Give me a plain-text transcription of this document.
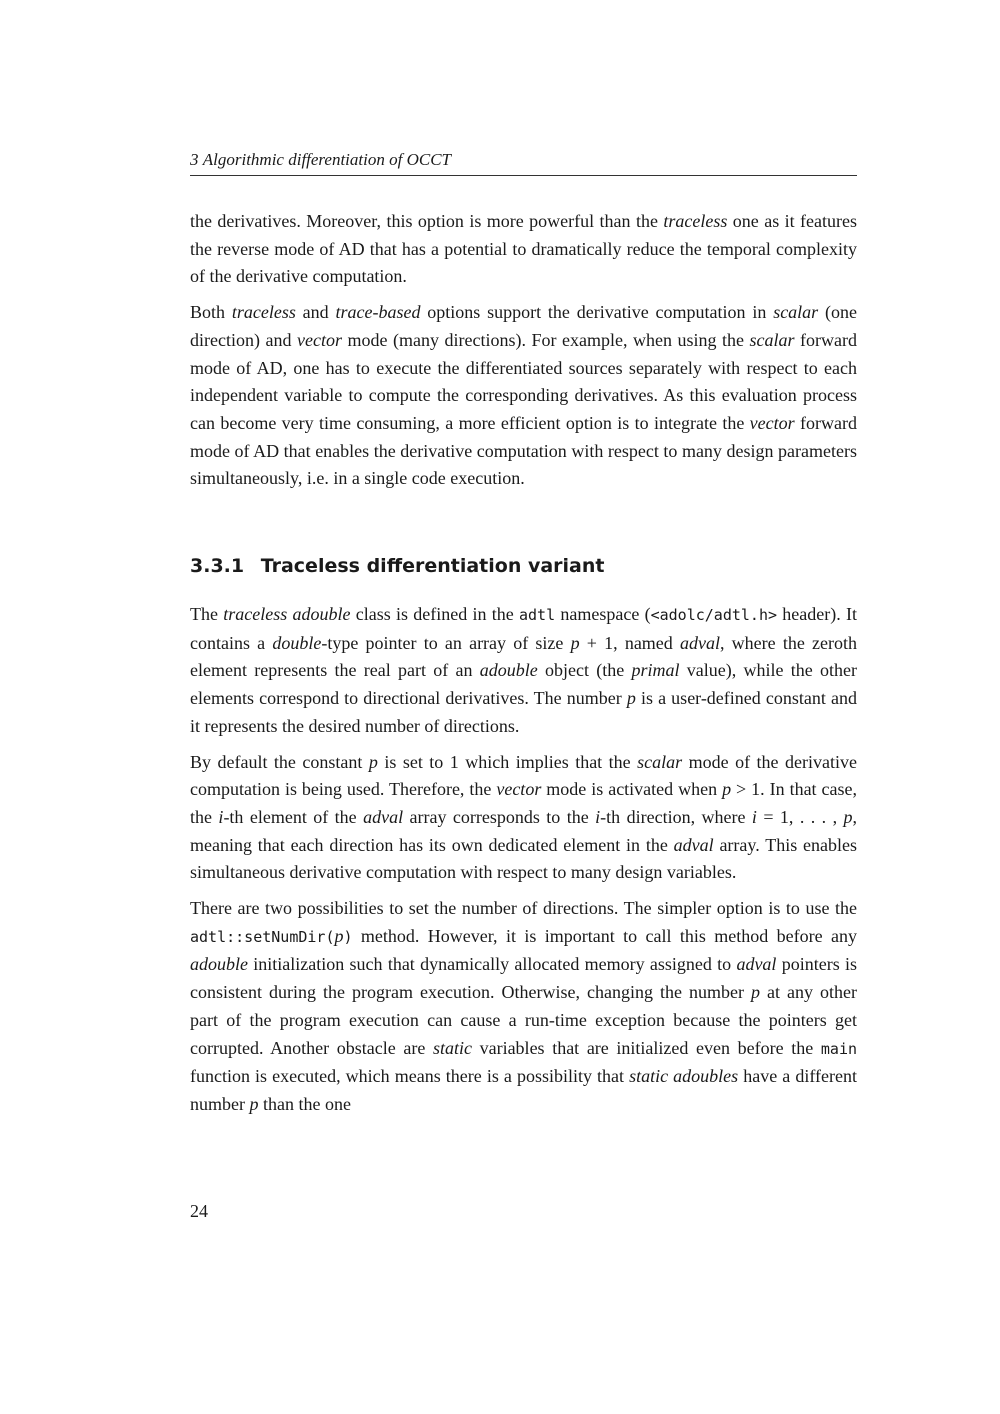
3 Algorithmic differentiation of OCCT

the derivatives. Moreover, this option is more powerful than the traceless one as it features the reverse mode of AD that has a potential to dramatically reduce the temporal complexity of the derivative computation.

Both traceless and trace-based options support the derivative computation in scalar (one direction) and vector mode (many directions). For example, when using the scalar forward mode of AD, one has to execute the differentiated sources separately with respect to each independent variable to compute the corresponding derivatives. As this evaluation process can become very time consuming, a more efficient option is to integrate the vector forward mode of AD that enables the derivative computation with respect to many design parameters simultaneously, i.e. in a single code execution.

3.3.1 Traceless differentiation variant

The traceless adouble class is defined in the adtl namespace (<adolc/adtl.h> header). It contains a double-type pointer to an array of size p + 1, named adval, where the zeroth element represents the real part of an adouble object (the primal value), while the other elements correspond to directional derivatives. The number p is a user-defined constant and it represents the desired number of directions.

By default the constant p is set to 1 which implies that the scalar mode of the derivative computation is being used. Therefore, the vector mode is activated when p > 1. In that case, the i-th element of the adval array corresponds to the i-th direction, where i = 1, . . . , p, meaning that each direction has its own dedicated element in the adval array. This enables simultaneous derivative computation with respect to many design variables.

There are two possibilities to set the number of directions. The simpler option is to use the adtl::setNumDir(p) method. However, it is important to call this method before any adouble initialization such that dynamically allocated memory assigned to adval pointers is consistent during the program execution. Otherwise, changing the number p at any other part of the program execution can cause a run-time exception because the pointers get corrupted. Another obstacle are static variables that are initialized even before the main function is executed, which means there is a possibility that static adoubles have a different number p than the one

24
